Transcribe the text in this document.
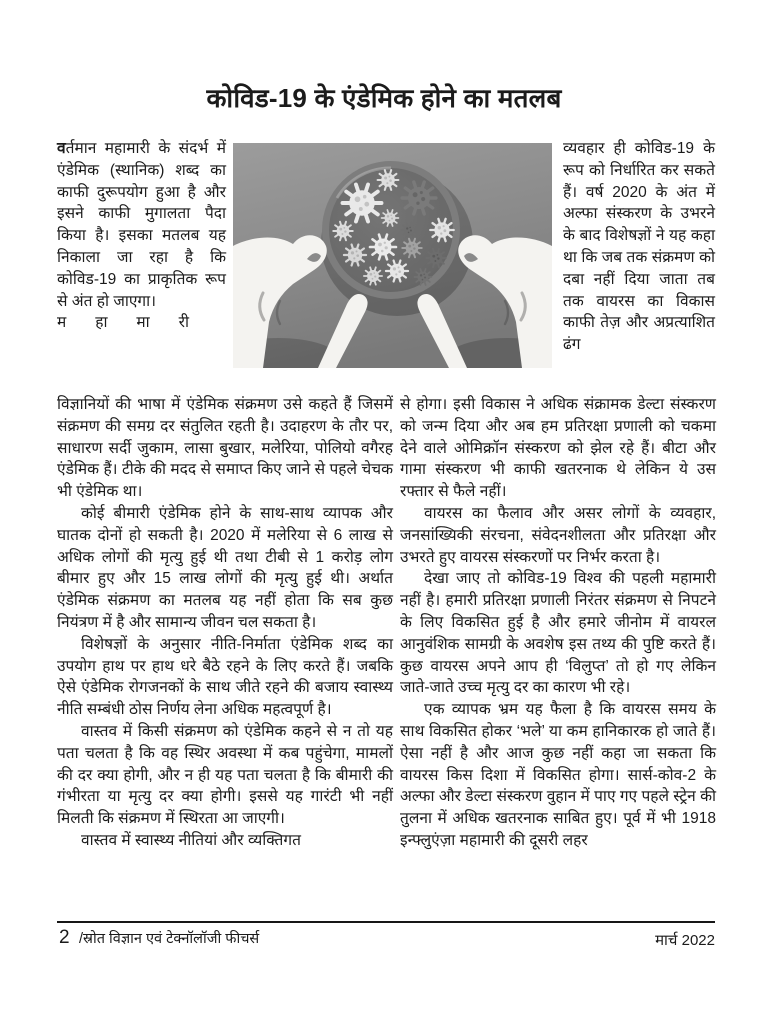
कोविड-19 के एंडेमिक होने का मतलब

वर्तमान महामारी के संदर्भ में एंडेमिक (स्थानिक) शब्द का काफी दुरूपयोग हुआ है और इसने काफी मुगालता पैदा किया है। इसका मतलब यह निकाला जा रहा है कि कोविड-19 का प्राकृतिक रूप से अंत हो जाएगा।

म हा मा री

व्यवहार ही कोविड-19 के रूप को निर्धारित कर सकते हैं। वर्ष 2020 के अंत में अल्फा संस्करण के उभरने के बाद विशेषज्ञों ने यह कहा था कि जब तक संक्रमण को दबा नहीं दिया जाता तब तक वायरस का विकास काफी तेज़ और अप्रत्याशित ढंग

विज्ञानियों की भाषा में एंडेमिक संक्रमण उसे कहते हैं जिसमें संक्रमण की समग्र दर संतुलित रहती है। उदाहरण के तौर पर, साधारण सर्दी जुकाम, लासा बुखार, मलेरिया, पोलियो वगैरह एंडेमिक हैं। टीके की मदद से समाप्त किए जाने से पहले चेचक भी एंडेमिक था।

कोई बीमारी एंडेमिक होने के साथ-साथ व्यापक और घातक दोनों हो सकती है। 2020 में मलेरिया से 6 लाख से अधिक लोगों की मृत्यु हुई थी तथा टीबी से 1 करोड़ लोग बीमार हुए और 15 लाख लोगों की मृत्यु हुई थी। अर्थात एंडेमिक संक्रमण का मतलब यह नहीं होता कि सब कुछ नियंत्रण में है और सामान्य जीवन चल सकता है।

विशेषज्ञों के अनुसार नीति-निर्माता एंडेमिक शब्द का उपयोग हाथ पर हाथ धरे बैठे रहने के लिए करते हैं। जबकि ऐसे एंडेमिक रोगजनकों के साथ जीते रहने की बजाय स्वास्थ्य नीति सम्बंधी ठोस निर्णय लेना अधिक महत्वपूर्ण है।

वास्तव में किसी संक्रमण को एंडेमिक कहने से न तो यह पता चलता है कि वह स्थिर अवस्था में कब पहुंचेगा, मामलों की दर क्या होगी, और न ही यह पता चलता है कि बीमारी की गंभीरता या मृत्यु दर क्या होगी। इससे यह गारंटी भी नहीं मिलती कि संक्रमण में स्थिरता आ जाएगी।

वास्तव में स्वास्थ्य नीतियां और व्यक्तिगत

से होगा। इसी विकास ने अधिक संक्रामक डेल्टा संस्करण को जन्म दिया और अब हम प्रतिरक्षा प्रणाली को चकमा देने वाले ओमिक्रॉन संस्करण को झेल रहे हैं। बीटा और गामा संस्करण भी काफी खतरनाक थे लेकिन ये उस रफ्तार से फैले नहीं।

वायरस का फैलाव और असर लोगों के व्यवहार, जनसांख्यिकी संरचना, संवेदनशीलता और प्रतिरक्षा और उभरते हुए वायरस संस्करणों पर निर्भर करता है।

देखा जाए तो कोविड-19 विश्व की पहली महामारी नहीं है। हमारी प्रतिरक्षा प्रणाली निरंतर संक्रमण से निपटने के लिए विकसित हुई है और हमारे जीनोम में वायरल आनुवंशिक सामग्री के अवशेष इस तथ्य की पुष्टि करते हैं। कुछ वायरस अपने आप ही ‘विलुप्त’ तो हो गए लेकिन जाते-जाते उच्च मृत्यु दर का कारण भी रहे।

एक व्यापक भ्रम यह फैला है कि वायरस समय के साथ विकसित होकर ‘भले’ या कम हानिकारक हो जाते हैं। ऐसा नहीं है और आज कुछ नहीं कहा जा सकता कि वायरस किस दिशा में विकसित होगा। सार्स-कोव-2 के अल्फा और डेल्टा संस्करण वुहान में पाए गए पहले स्ट्रेन की तुलना में अधिक खतरनाक साबित हुए। पूर्व में भी 1918 इन्फ्लुएंज़ा महामारी की दूसरी लहर

2 /स्रोत विज्ञान एवं टेक्नॉलॉजी फीचर्स	मार्च 2022
